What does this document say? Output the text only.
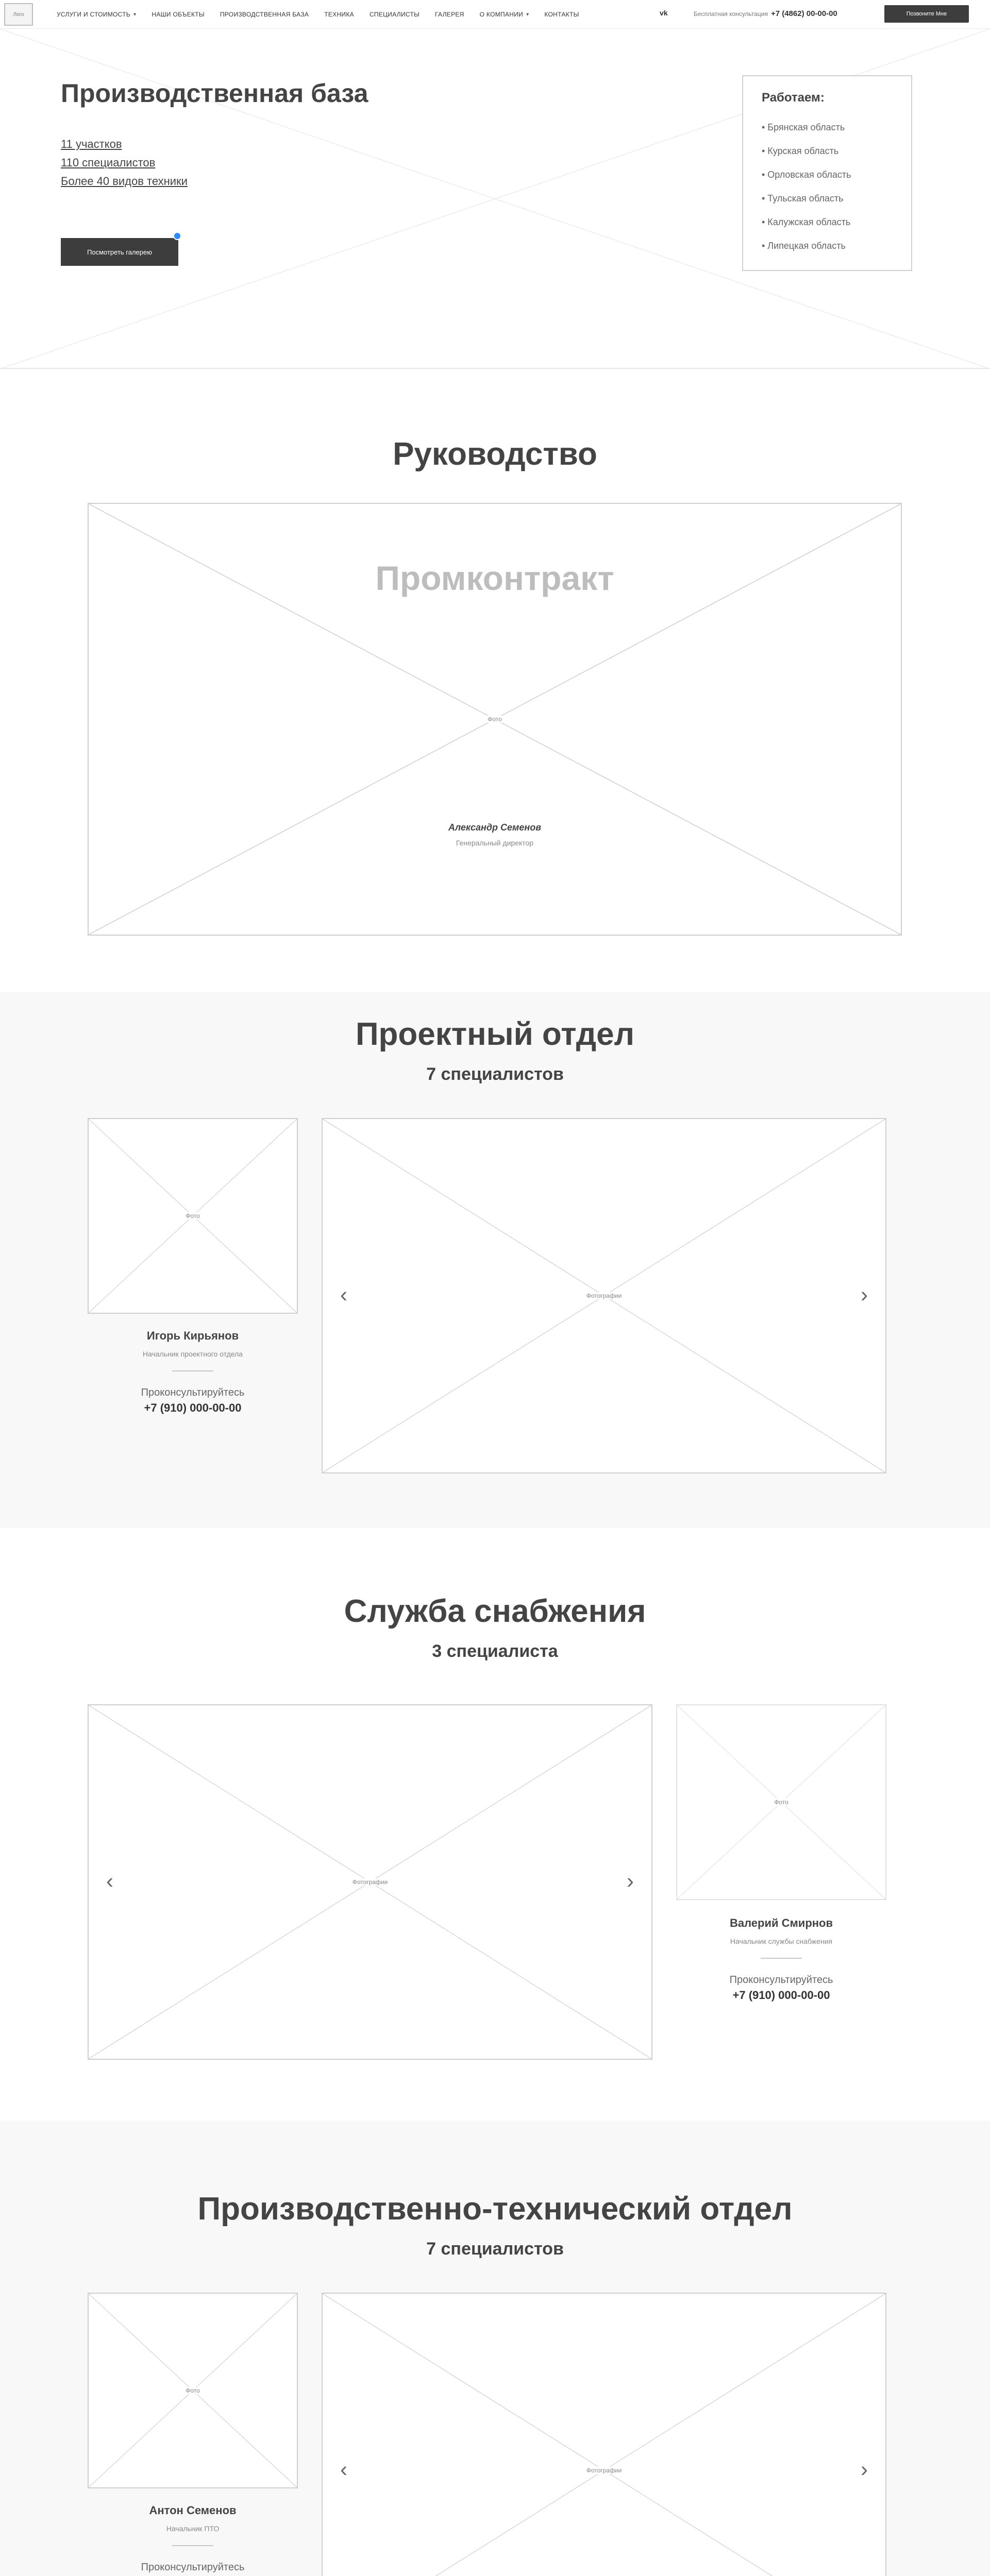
Лого	УСЛУГИ И СТОИМОСТЬ ▾	НАШИ ОБЪЕКТЫ	ПРОИЗВОДСТВЕННАЯ БАЗА	ТЕХНИКА	СПЕЦИАЛИСТЫ	ГАЛЕРЕЯ	О КОМПАНИИ ▾	КОНТАКТЫ	vk	Бесплатная консультация +7 (4862) 00-00-00	Позвоните Мне
Производственная база
11 участков
110 специалистов
Более 40 видов техники
Посмотреть галерею
Работаем:
• Брянская область
• Курская область
• Орловская область
• Тульская область
• Калужская область
• Липецкая область
Руководство
Фото
Промконтракт
Александр Семенов
Генеральный директор
Проектный отдел
7 специалистов
Фото
Игорь Кирьянов
Начальник проектного отдела
Проконсультируйтесь
+7 (910) 000-00-00
Фотографии
‹	›
Служба снабжения
3 специалиста
Фотографии
‹	›
Фото
Валерий Смирнов
Начальник службы снабжения
Проконсультируйтесь
+7 (910) 000-00-00
Производственно-технический отдел
7 специалистов
Фото
Антон Семенов
Начальник ПТО
Проконсультируйтесь
Фотографии
‹	›
